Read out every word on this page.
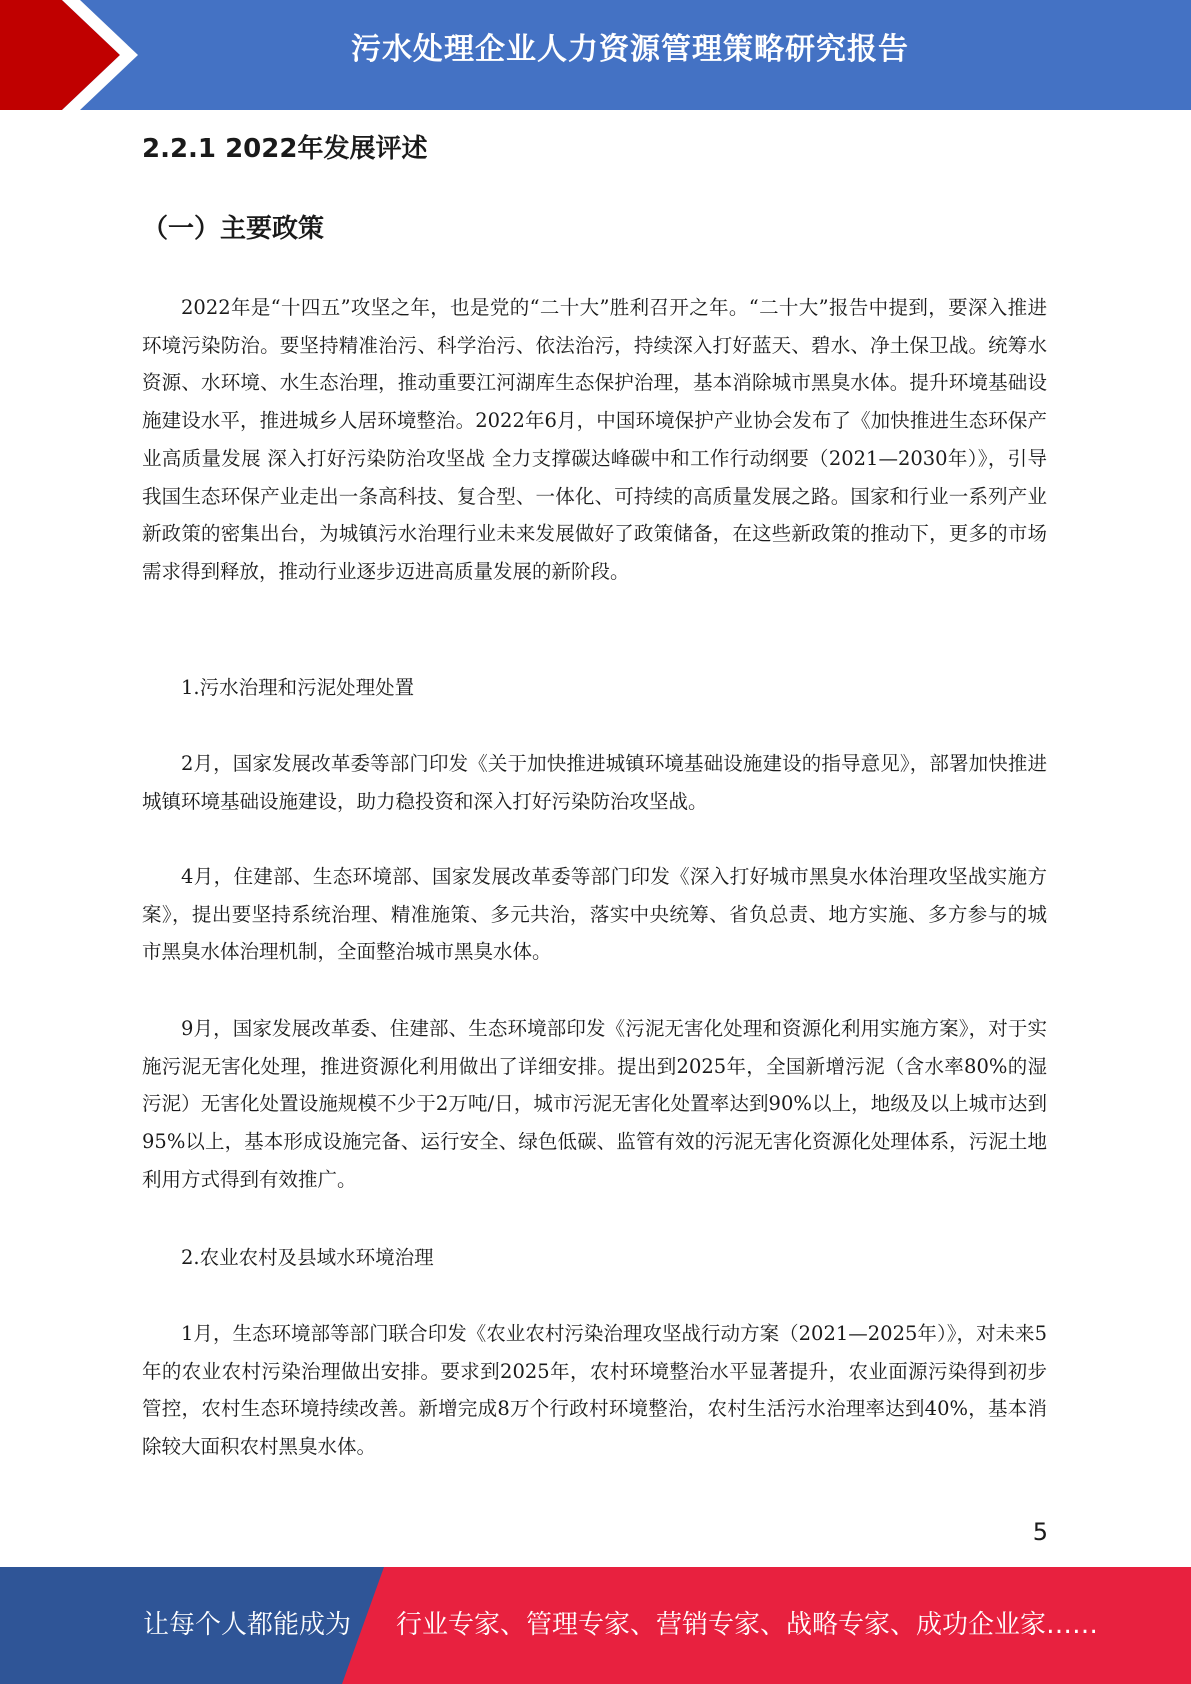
污水处理企业人力资源管理策略研究报告
2.2.1 2022年发展评述
（一）主要政策

2022年是“十四五”攻坚之年，也是党的“二十大”胜利召开之年。“二十大”报告中提到，要深入推进环境污染防治。要坚持精准治污、科学治污、依法治污，持续深入打好蓝天、碧水、净土保卫战。统筹水资源、水环境、水生态治理，推动重要江河湖库生态保护治理，基本消除城市黑臭水体。提升环境基础设施建设水平，推进城乡人居环境整治。2022年6月，中国环境保护产业协会发布了《加快推进生态环保产业高质量发展 深入打好污染防治攻坚战 全力支撑碳达峰碳中和工作行动纲要（2021—2030年）》，引导我国生态环保产业走出一条高科技、复合型、一体化、可持续的高质量发展之路。国家和行业一系列产业新政策的密集出台，为城镇污水治理行业未来发展做好了政策储备，在这些新政策的推动下，更多的市场需求得到释放，推动行业逐步迈进高质量发展的新阶段。

1.污水治理和污泥处理处置

2月，国家发展改革委等部门印发《关于加快推进城镇环境基础设施建设的指导意见》，部署加快推进城镇环境基础设施建设，助力稳投资和深入打好污染防治攻坚战。

4月，住建部、生态环境部、国家发展改革委等部门印发《深入打好城市黑臭水体治理攻坚战实施方案》，提出要坚持系统治理、精准施策、多元共治，落实中央统筹、省负总责、地方实施、多方参与的城市黑臭水体治理机制，全面整治城市黑臭水体。

9月，国家发展改革委、住建部、生态环境部印发《污泥无害化处理和资源化利用实施方案》，对于实施污泥无害化处理，推进资源化利用做出了详细安排。提出到2025年，全国新增污泥（含水率80%的湿污泥）无害化处置设施规模不少于2万吨/日，城市污泥无害化处置率达到90%以上，地级及以上城市达到95%以上，基本形成设施完备、运行安全、绿色低碳、监管有效的污泥无害化资源化处理体系，污泥土地利用方式得到有效推广。

2.农业农村及县域水环境治理

1月，生态环境部等部门联合印发《农业农村污染治理攻坚战行动方案（2021—2025年）》，对未来5年的农业农村污染治理做出安排。要求到2025年，农村环境整治水平显著提升，农业面源污染得到初步管控，农村生态环境持续改善。新增完成8万个行政村环境整治，农村生活污水治理率达到40%，基本消除较大面积农村黑臭水体。

5
让每个人都能成为 行业专家、管理专家、营销专家、战略专家、成功企业家……
